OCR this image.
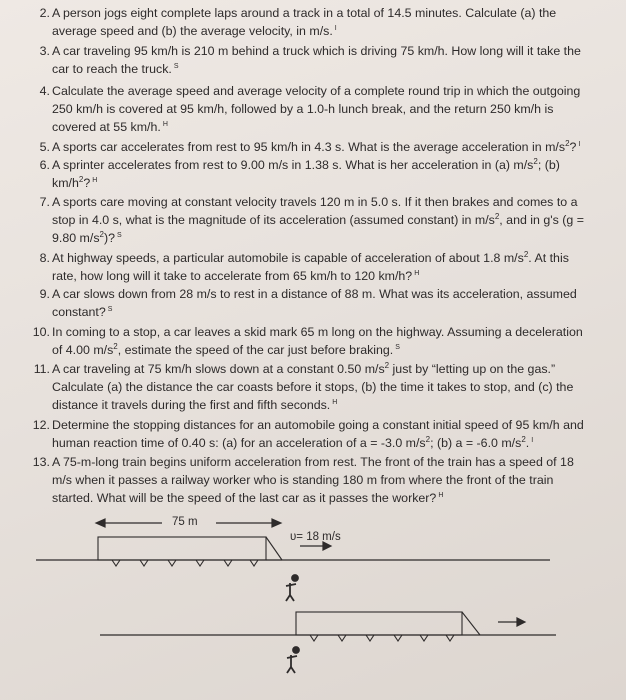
2. A person jogs eight complete laps around a track in a total of 14.5 minutes. Calculate (a) the average speed and (b) the average velocity, in m/s. $^I$
3. A car traveling 95 km/h is 210 m behind a truck which is driving 75 km/h. How long will it take the car to reach the truck. $^S$
4. Calculate the average speed and average velocity of a complete round trip in which the outgoing 250 km/h is covered at 95 km/h, followed by a 1.0-h lunch break, and the return 250 km/h is covered at 55 km/h. $^H$
5. A sports car accelerates from rest to 95 km/h in 4.3 s. What is the average acceleration in $m/s^2$? $^I$
6. A sprinter accelerates from rest to 9.00 m/s in 1.38 s. What is her acceleration in (a) $m/s^2$; (b) $km/h^2$? $^H$
7. A sports care moving at constant velocity travels 120 m in 5.0 s. If it then brakes and comes to a stop in 4.0 s, what is the magnitude of its acceleration (assumed constant) in $m/s^2$, and in g's (g = 9.80 $m/s^2$)? $^S$
8. At highway speeds, a particular automobile is capable of acceleration of about 1.8 $m/s^2$. At this rate, how long will it take to accelerate from 65 km/h to 120 km/h? $^H$
9. A car slows down from 28 m/s to rest in a distance of 88 m. What was its acceleration, assumed constant? $^S$
10. In coming to a stop, a car leaves a skid mark 65 m long on the highway. Assuming a deceleration of 4.00 $m/s^2$, estimate the speed of the car just before braking. $^S$
11. A car traveling at 75 km/h slows down at a constant 0.50 $m/s^2$ just by “letting up on the gas.” Calculate (a) the distance the car coasts before it stops, (b) the time it takes to stop, and (c) the distance it travels during the first and fifth seconds. $^H$
12. Determine the stopping distances for an automobile going a constant initial speed of 95 km/h and human reaction time of 0.40 s: (a) for an acceleration of a = -3.0 $m/s^2$; (b) a = -6.0 $m/s^2$. $^I$
13. A 75-m-long train begins uniform acceleration from rest. The front of the train has a speed of 18 m/s when it passes a railway worker who is standing 180 m from where the front of the train started. What will be the speed of the last car as it passes the worker? $^H$
75 m
υ= 18 m/s
